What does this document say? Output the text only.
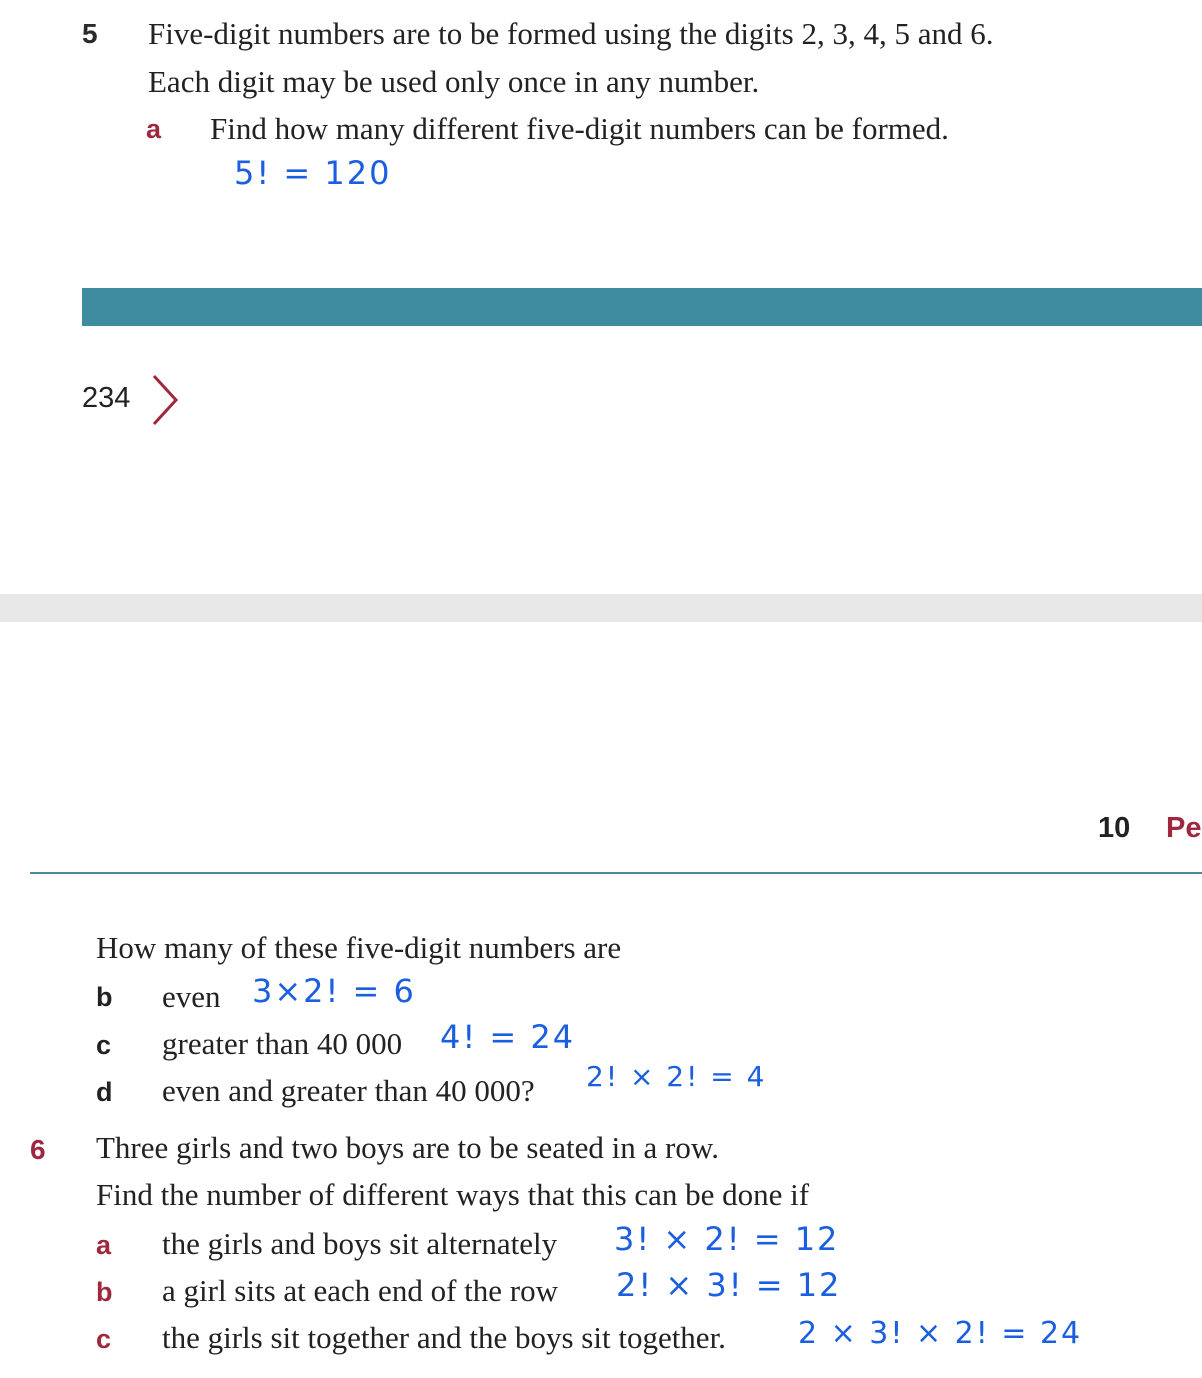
5 Five-digit numbers are to be formed using the digits 2, 3, 4, 5 and 6.
Each digit may be used only once in any number.
a Find how many different five-digit numbers can be formed.
5! = 120
234
10 Pe
How many of these five-digit numbers are
b even 3×2! = 6
c greater than 40 000 4! = 24
d even and greater than 40 000? 2! × 2! = 4
6 Three girls and two boys are to be seated in a row.
Find the number of different ways that this can be done if
a the girls and boys sit alternately 3! × 2! = 12
b a girl sits at each end of the row 2! × 3! = 12
c the girls sit together and the boys sit together. 2 × 3! × 2! = 24
